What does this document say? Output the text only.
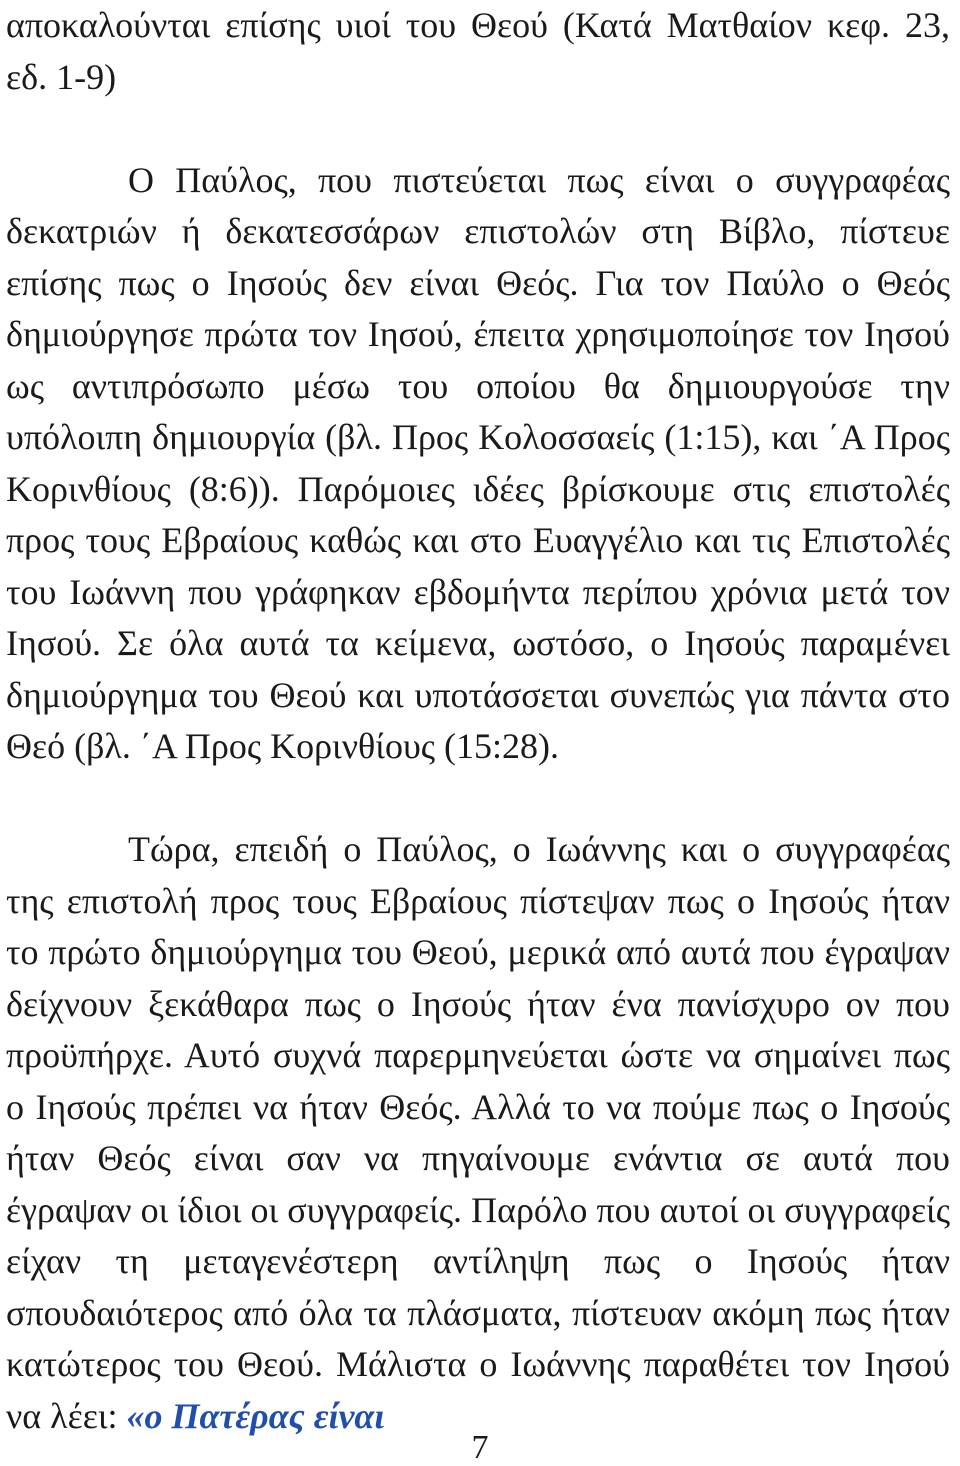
αποκαλούνται επίσης υιοί του Θεού (Κατά Ματθαίον κεφ. 23, εδ. 1-9)

Ο Παύλος, που πιστεύεται πως είναι ο συγγραφέας δεκατριών ή δεκατεσσάρων επιστολών στη Βίβλο, πίστευε επίσης πως ο Ιησούς δεν είναι Θεός. Για τον Παύλο ο Θεός δημιούργησε πρώτα τον Ιησού, έπειτα χρησιμοποίησε τον Ιησού ως αντιπρόσωπο μέσω του οποίου θα δημιουργούσε την υπόλοιπη δημιουργία (βλ. Προς Κολοσσαείς (1:15), και ΄Α Προς Κορινθίους (8:6)). Παρόμοιες ιδέες βρίσκουμε στις επιστολές προς τους Εβραίους καθώς και στο Ευαγγέλιο και τις Επιστολές του Ιωάννη που γράφηκαν εβδομήντα περίπου χρόνια μετά τον Ιησού. Σε όλα αυτά τα κείμενα, ωστόσο, ο Ιησούς παραμένει δημιούργημα του Θεού και υποτάσσεται συνεπώς για πάντα στο Θεό (βλ. ΄Α Προς Κορινθίους (15:28).

Τώρα, επειδή ο Παύλος, ο Ιωάννης και ο συγγραφέας της επιστολή προς τους Εβραίους πίστεψαν πως ο Ιησούς ήταν το πρώτο δημιούργημα του Θεού, μερικά από αυτά που έγραψαν δείχνουν ξεκάθαρα πως ο Ιησούς ήταν ένα πανίσχυρο ον που προϋπήρχε. Αυτό συχνά παρερμηνεύεται ώστε να σημαίνει πως ο Ιησούς πρέπει να ήταν Θεός. Αλλά το να πούμε πως ο Ιησούς ήταν Θεός είναι σαν να πηγαίνουμε ενάντια σε αυτά που έγραψαν οι ίδιοι οι συγγραφείς. Παρόλο που αυτοί οι συγγραφείς είχαν τη μεταγενέστερη αντίληψη πως ο Ιησούς ήταν σπουδαιότερος από όλα τα πλάσματα, πίστευαν ακόμη πως ήταν κατώτερος του Θεού. Μάλιστα ο Ιωάννης παραθέτει τον Ιησού να λέει: «ο Πατέρας είναι

7
